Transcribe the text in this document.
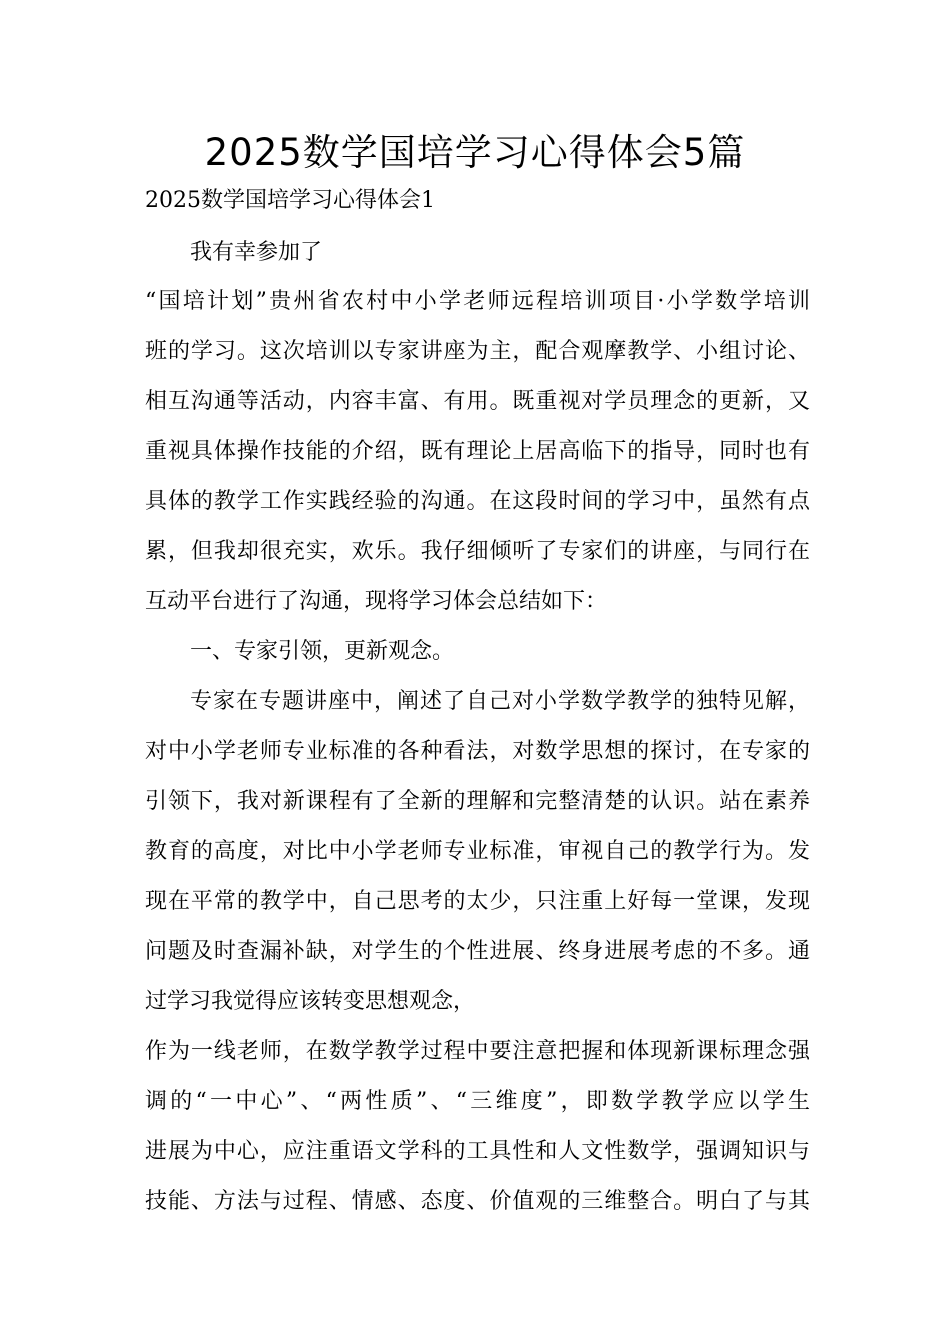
2025数学国培学习心得体会5篇
2025数学国培学习心得体会1
我有幸参加了
“国培计划”贵州省农村中小学老师远程培训项目·小学数学培训
班的学习。这次培训以专家讲座为主，配合观摩教学、小组讨论、
相互沟通等活动，内容丰富、有用。既重视对学员理念的更新，又
重视具体操作技能的介绍，既有理论上居高临下的指导，同时也有
具体的教学工作实践经验的沟通。在这段时间的学习中，虽然有点
累，但我却很充实，欢乐。我仔细倾听了专家们的讲座，与同行在
互动平台进行了沟通，现将学习体会总结如下：
一、专家引领，更新观念。
专家在专题讲座中，阐述了自己对小学数学教学的独特见解，
对中小学老师专业标准的各种看法，对数学思想的探讨，在专家的
引领下，我对新课程有了全新的理解和完整清楚的认识。站在素养
教育的高度，对比中小学老师专业标准，审视自己的教学行为。发
现在平常的教学中，自己思考的太少，只注重上好每一堂课，发现
问题及时查漏补缺，对学生的个性进展、终身进展考虑的不多。通
过学习我觉得应该转变思想观念，
作为一线老师，在数学教学过程中要注意把握和体现新课标理念强
调的“一中心”、“两性质”、“三维度”，即数学教学应以学生
进展为中心，应注重语文学科的工具性和人文性数学，强调知识与
技能、方法与过程、情感、态度、价值观的三维整合。明白了与其
